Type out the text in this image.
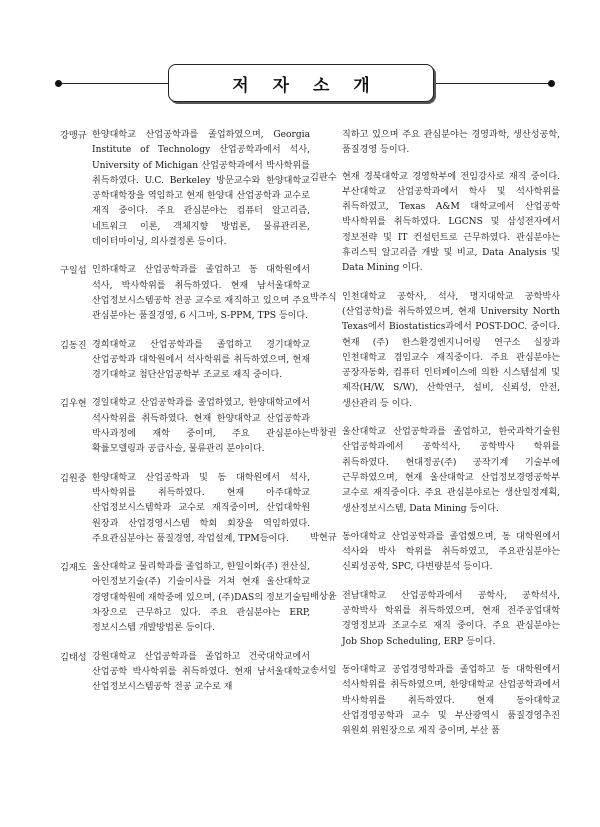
저 자 소 개
강맹규 한양대학교 산업공학과를 졸업하였으며, Georgia Institute of Technology 산업공학과에서 석사, University of Michigan 산업공학과에서 박사학위를 취득하였다. U.C. Berkeley 방문교수와 한양대학교 공학대학장을 역임하고 현재 한양대 산업공학과 교수로 재직 중이다. 주요 관심분야는 컴퓨터 알고리즘, 네트워크 이론, 객체지향 방법론, 물류관리론, 데이터마이닝, 의사결정론 등이다.
구일섭 인하대학교 산업공학과를 졸업하고 동 대학원에서 석사, 박사학위를 취득하였다. 현재 남서울대학교 산업정보시스템공학 전공 교수로 재직하고 있으며 주요 관심분야는 품질경영, 6 시그마, S-PPM, TPS 등이다.
김동진 경희대학교 산업공학과를 졸업하고 경기대학교 산업공학과 대학원에서 석사학위를 취득하였으며, 현재 경기대학교 첨단산업공학부 조교로 재직 중이다.
김우현 경일대학교 산업공학과를 졸업하였고, 한양대학교에서 석사학위를 취득하였다. 현재 한양대학교 산업공학과 박사과정에 재학 중이며, 주요 관심분야는 확률모델링과 공급사슬, 물류관리 분야이다.
김원중 한양대학교 산업공학과 및 동 대학원에서 석사, 박사학위를 취득하였다. 현재 아주대학교 산업정보시스템학과 교수로 재직중이며, 산업대학원 원장과 산업경영시스템 학회 회장을 역임하였다. 주요관심분야는 품질경영, 작업설계, TPM등이다.
김재도 울산대학교 물리학과를 졸업하고, 한일이화(주) 전산실, 아인정보기술(주) 기술이사를 거쳐 현재 울산대학교 경영대학원에 재학중에 있으며, (주)DAS의 정보기술팀 차장으로 근무하고 있다. 주요 관심분야는 ERP, 정보시스템 개발방법론 등이다.
김태성 강원대학교 산업공학과를 졸업하고 건국대학교에서 산업공학 박사학위를 취득하였다. 현재 남서울대학교 산업정보시스템공학 전공 교수로 재
직하고 있으며 주요 관심분야는 경영과학, 생산성공학, 품질경영 등이다.
김판수 현재 경북대학교 경영학부에 전임강사로 재직 중이다. 부산대학교 산업공학과에서 학사 및 석사학위를 취득하였고, Texas A&M 대학교에서 산업공학 박사학위를 취득하였다. LGCNS 및 삼성전자에서 정보전략 및 IT 컨설턴트로 근무하였다. 관심분야는 휴리스틱 알고리즘 개발 및 비교, Data Analysis 및 Data Mining 이다.
박주식 인천대학교 공학사, 석사, 명지대학교 공학박사(산업공학)를 취득하였으며, 현재 University North Texas에서 Biostatistics과에서 POST-DOC. 중이다. 현재 (주) 한스환경엔지니어링 연구소 실장과 인천대학교 겸임교수 재직중이다. 주요 관심분야는 공장자동화, 컴퓨터 인터페이스에 의한 시스템설계 및 제작(H/W, S/W), 산학연구, 설비, 신뢰성, 안전, 생산관리 등 이다.
박창권 울산대학교 산업공학과를 졸업하고, 한국과학기술원 산업공학과에서 공학석사, 공학박사 학위를 취득하였다. 현대정공(주) 공작기계 기술부에 근무하였으며, 현재 울산대학교 산업정보경영공학부 교수로 재직중이다. 주요 관심분야로는 생산일정계획, 생산정보시스템, Data Mining 등이다.
박현규 동아대학교 산업공학과를 졸업했으며, 동 대학원에서 석사와 박사 학위를 취득하였고, 주요관심분야는 신뢰성공학, SPC, 다변량분석 등이다.
배상윤 전남대학교 산업공학과에서 공학사, 공학석사, 공학박사 학위를 취득하였으며, 현재 전주공업대학 경영정보과 조교수로 재직 중이다. 주요 관심분야는 Job Shop Scheduling, ERP 등이다.
송서일 동아대학교 공업경영학과를 졸업하고 동 대학원에서 석사학위를 취득하였으며, 한양대학교 산업공학과에서 박사학위를 취득하였다. 현재 동아대학교 산업경영공학과 교수 및 부산광역시 품질경영추진 위원회 위원장으로 재직 중이며, 부산 품
